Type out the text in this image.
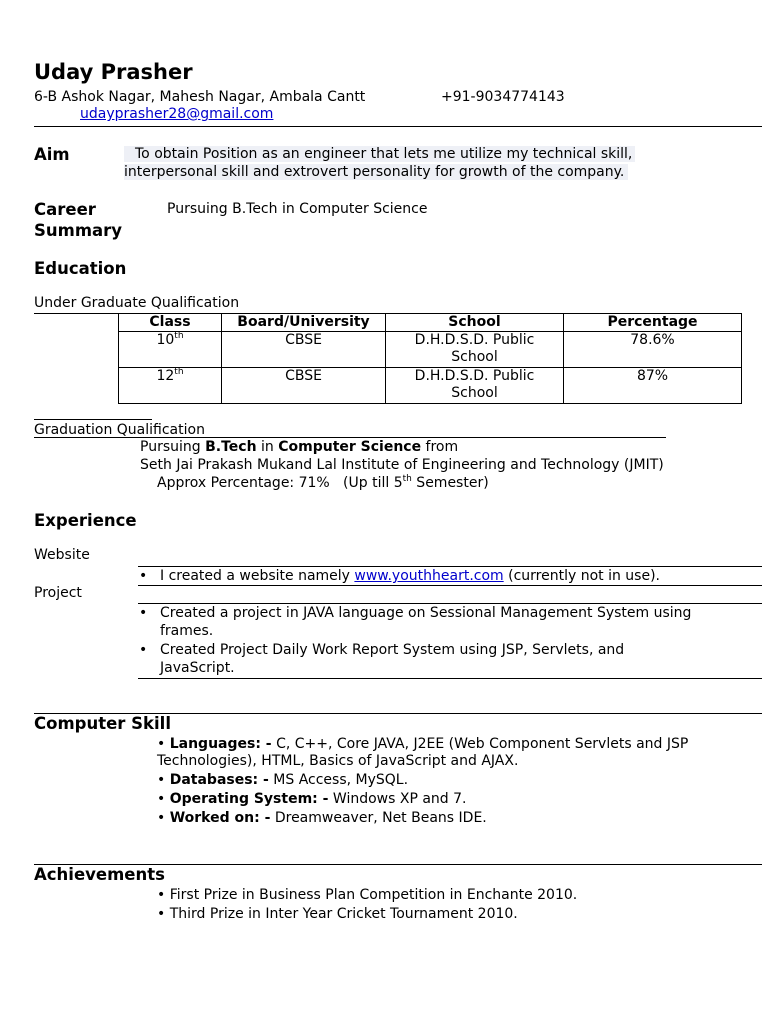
Uday Prasher
6-B Ashok Nagar, Mahesh Nagar, Ambala Cantt	+91-9034774143
udayprasher28@gmail.com
Aim	To obtain Position as an engineer that lets me utilize my technical skill,
interpersonal skill and extrovert personality for growth of the company.
Career
Summary
Pursuing B.Tech in Computer Science
Education
Under Graduate Qualification
Class	Board/University	School	Percentage
10th	CBSE	D.H.D.S.D. Public School	78.6%
12th	CBSE	D.H.D.S.D. Public School	87%
Graduation Qualification
Pursuing B.Tech in Computer Science from
Seth Jai Prakash Mukand Lal Institute of Engineering and Technology (JMIT)
Approx Percentage: 71%   (Up till 5th Semester)
Experience
Website
• I created a website namely www.youthheart.com (currently not in use).
Project
• Created a project in JAVA language on Sessional Management System using
frames.
• Created Project Daily Work Report System using JSP, Servlets, and
JavaScript.
Computer Skill
• Languages: - C, C++, Core JAVA, J2EE (Web Component Servlets and JSP
Technologies), HTML, Basics of JavaScript and AJAX.
• Databases: - MS Access, MySQL.
• Operating System: - Windows XP and 7.
• Worked on: - Dreamweaver, Net Beans IDE.
Achievements
• First Prize in Business Plan Competition in Enchante 2010.
• Third Prize in Inter Year Cricket Tournament 2010.
